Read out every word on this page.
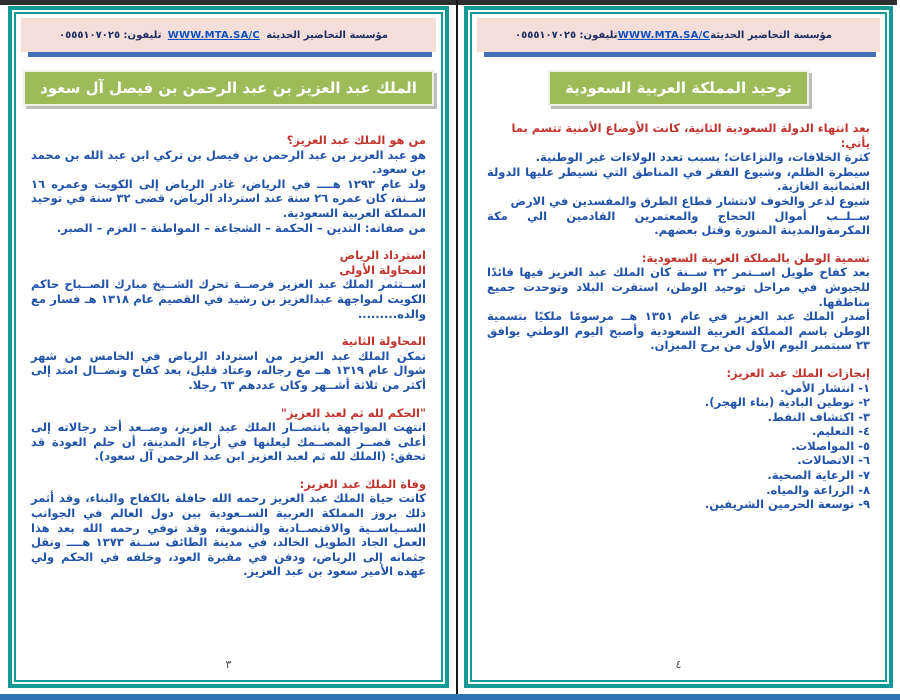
مؤسسة التحاضير الحديثة
WWW.MTA.SA/C
تليفون: ٠٥٥٥١٠٧٠٢٥
الملك عبد العزيز بن عبد الرحمن بن فيصل آل سعود
من هو الملك عبد العزيز؟
هو عبد العزيز بن عبد الرحمن بن فيصل بن تركي ابن عبد الله بن محمد بن سعود.
ولد عام ١٢٩٣ هــــ في الرياض، غادر الرياض إلى الكويت وعمره ١٦ ســنة، كان عمره ٢٦ سنة عند استرداد الرياض، قضى ٣٢ سنة في توحيد المملكة العربية السعودية.
من صفاته: التدين – الحكمة – الشجاعة – المواطنة – العزم – الصبر.
استرداد الرياض
المحاولة الأولى
اســتثمر الملك عبد العزيز فرصــة تحرك الشــيخ مبارك الصــباح حاكم الكويت لمواجهة عبدالعزيز بن رشيد في القصيم عام ١٣١٨ هـ فسار مع والده.........
المحاولة الثانية
تمكن الملك عبد العزيز من استرداد الرياض في الخامس من شهر شوال عام ١٣١٩ هــ مع رجاله، وعتاد قليل، بعد كفاح ونضــال امتد إلى أكثر من ثلاثة أشــهر وكان عددهم ٦٣ رجلا.
"الحكم لله ثم لعبد العزيز"
انتهت المواجهة بانتصــار الملك عبد العزيز، وصــعد أحد رجالاته إلى أعلى قصــر المصــمك ليعلنها في أرجاء المدينة، أن حلم العودة قد تحقق: (الملك لله ثم لعبد العزيز ابن عبد الرحمن آل سعود).
وفاة الملك عبد العزيز:
كانت حياة الملك عبد العزيز رحمه الله حافلة بالكفاح والبناء، وقد أثمر ذلك بروز المملكة العربية الســعودية بين دول العالم في الجوانب الســياســية والاقتصــادية والتنموية، وقد توفي رحمه الله بعد هذا العمل الجاد الطويل الخالد، في مدينة الطائف ســنة ١٣٧٣ هــــ ونقل جثمانه إلى الرياض، ودفن في مقبرة العود، وخلفه في الحكم ولي عهده الأمير سعود بن عبد العزيز.
٣
مؤسسة التحاضير الحديثة
WWW.MTA.SA/C
تليفون: ٠٥٥٥١٠٧٠٢٥
توحيد المملكة العربية السعودية
بعد انتهاء الدولة السعودية الثانية، كانت الأوضاع الأمنية تتسم بما يأتي:
كثرة الخلافات، والنزاعات؛ بسبب تعدد الولاءات غير الوطنية.
سيطرة الظلم، وشيوع الفقر في المناطق التي تسيطر عليها الدولة العثمانية الغازية.
شيوع لذعر والخوف لانتشار قطاع الطرق والمفسدين في الارض
ســلــب أموال الحجاج والمعتمرين القادمين الي مكة المكرمةوالمدينة المنورة وقتل بعضهم.
تسمية الوطن بالمملكة العربية السعودية:
بعد كفاح طويل اســتمر ٣٢ ســنة كان الملك عبد العزيز فيها قائدًا للجيوش في مراحل توحيد الوطن، استقرت البلاد وتوحدت جميع مناطقها.
أصدر الملك عبد العزيز في عام ١٣٥١ هــ مرسومًا ملكيًا بتسمية الوطن باسم المملكة العربية السعودية وأصبح اليوم الوطني يوافق ٢٣ سبتمبر اليوم الأول من برج الميزان.
إنجازات الملك عبد العزيز:
١- انتشار الأمن.
٢- توطين البادية (بناء الهجر).
٣- اكتشاف النفط.
٤- التعليم.
٥- المواصلات.
٦- الاتصالات.
٧- الرعاية الصحية.
٨- الزراعة والمياه.
٩- توسعة الحرمين الشريفين.
٤
